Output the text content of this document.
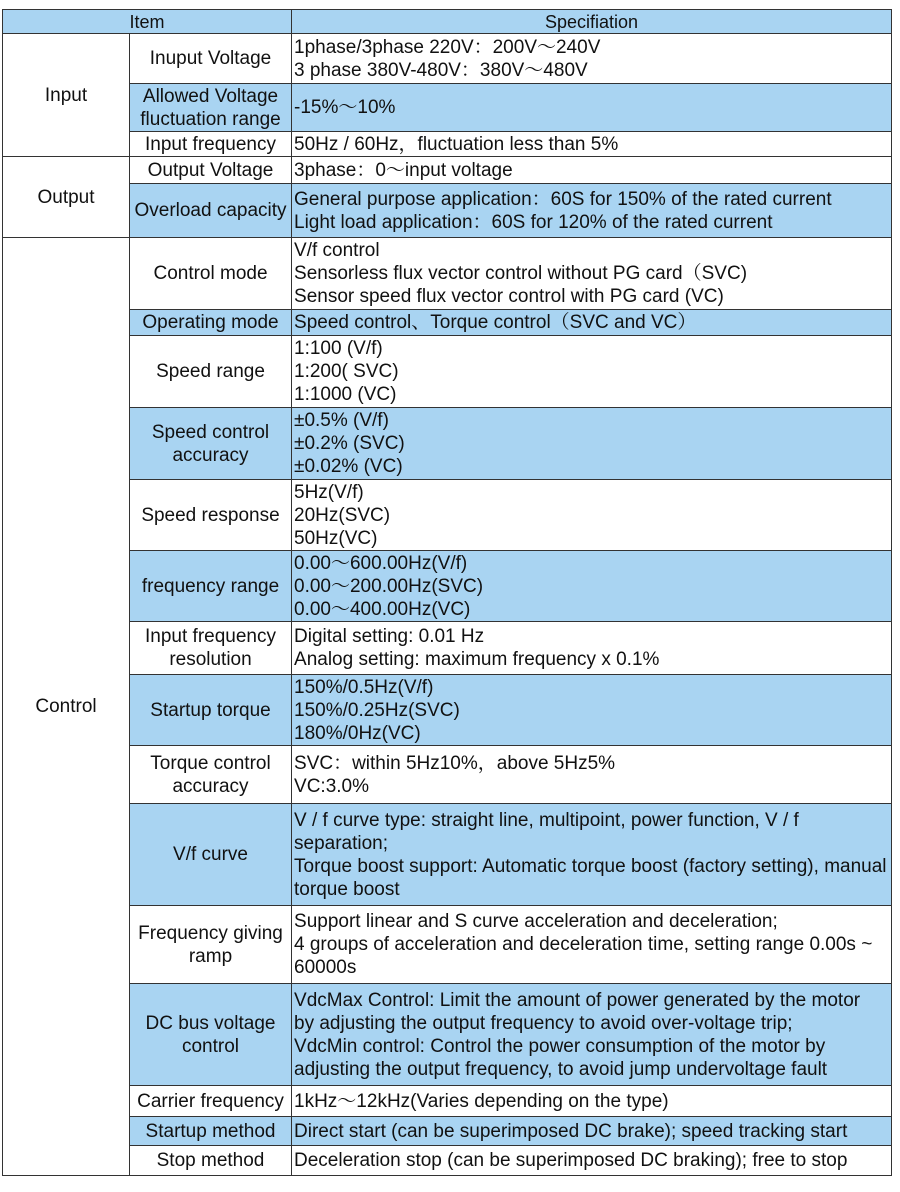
Item		Specifiation
Input	Inuput Voltage	1phase/3phase 220V：200V～240V
3 phase 380V-480V：380V～480V

	Allowed Voltage
fluctuation range	-15%～10%

	Input frequency	50Hz / 60Hz，fluctuation less than 5%

Output	Output Voltage	3phase：0～input voltage

	Overload capacity	General purpose application：60S for 150% of the rated current
Light load application：60S for 120% of the rated current

Control	Control mode	V/f control
Sensorless flux vector control without PG card（SVC)
Sensor speed flux vector control with PG card (VC)

	Operating mode	Speed control、Torque control（SVC and VC）

	Speed range	1:100 (V/f)
1:200( SVC)
1:1000 (VC)

	Speed control
accuracy	±0.5% (V/f)
±0.2% (SVC)
±0.02% (VC)

	Speed response	5Hz(V/f)
20Hz(SVC)
50Hz(VC)

	frequency range	0.00～600.00Hz(V/f)
0.00～200.00Hz(SVC)
0.00～400.00Hz(VC)

	Input frequency
resolution	Digital setting: 0.01 Hz
Analog setting: maximum frequency x 0.1%

	Startup torque	150%/0.5Hz(V/f)
150%/0.25Hz(SVC)
180%/0Hz(VC)

	Torque control
accuracy	SVC：within 5Hz10%，above 5Hz5%
VC:3.0%

	V/f curve	V / f curve type: straight line, multipoint, power function, V / f separation;
Torque boost support: Automatic torque boost (factory setting), manual torque boost

	Frequency giving
ramp	Support linear and S curve acceleration and deceleration;
4 groups of acceleration and deceleration time, setting range 0.00s ~
60000s

	DC bus voltage
control	VdcMax Control: Limit the amount of power generated by the motor
by adjusting the output frequency to avoid over-voltage trip;
VdcMin control: Control the power consumption of the motor by
adjusting the output frequency, to avoid jump undervoltage fault

	Carrier frequency	1kHz～12kHz(Varies depending on the type)

	Startup method	Direct start (can be superimposed DC brake); speed tracking start

	Stop method	Deceleration stop (can be superimposed DC braking); free to stop
